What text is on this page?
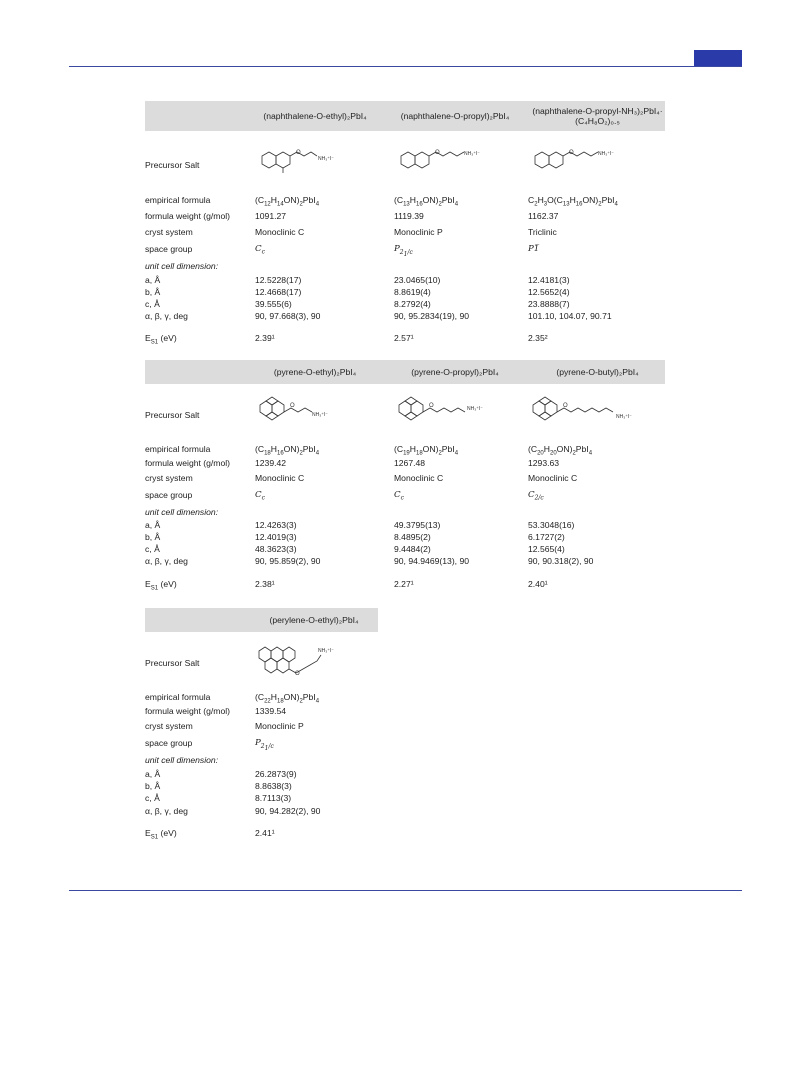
(naphthalene-O-ethyl)₂PbI₄	(naphthalene-O-propyl)₂PbI₄	(naphthalene-O-propyl-NH₃)₂PbI₄· (C₄H₈O₂)₀.₅
Precursor Salt
O
NH₃⁺I⁻
O	NH₃⁺I⁻	O	NH₃⁺I⁻
empirical formula	$(C_{12}H_{14}ON)_2PbI_4$	$(C_{13}H_{16}ON)_2PbI_4$	$C_2H_3O(C_{13}H_{16}ON)_2PbI_4$
formula weight (g/mol)	1091.27	1119.39	1162.37
cryst system	Monoclinic C	Monoclinic P	Triclinic
space group	$C_c$	$P_{2_1/c}$	P1̅
unit cell dimension:
a, Å	12.5228(17)	23.0465(10)	12.4181(3)
b, Å	12.4668(17)	8.8619(4)	12.5652(4)
c, Å	39.555(6)	8.2792(4)	23.8888(7)
α, β, γ, deg	90, 97.668(3), 90	90, 95.2834(19), 90	101.10, 104.07, 90.71
$E_{S1}$ (eV)	2.39¹	2.57¹	2.35²
(pyrene-O-ethyl)₂PbI₄	(pyrene-O-propyl)₂PbI₄	(pyrene-O-butyl)₂PbI₄
Precursor Salt
O
NH₃⁺I⁻
O	NH₃⁺I⁻	O
NH₃⁺I⁻
empirical formula	$(C_{18}H_{16}ON)_2PbI_4$	$(C_{19}H_{18}ON)_2PbI_4$	$(C_{20}H_{20}ON)_2PbI_4$
formula weight (g/mol)	1239.42	1267.48	1293.63
cryst system	Monoclinic C	Monoclinic C	Monoclinic C
space group	$C_c$	$C_c$	$C_{2/c}$
unit cell dimension:
a, Å	12.4263(3)	49.3795(13)	53.3048(16)
b, Å	12.4019(3)	8.4895(2)	6.1727(2)
c, Å	48.3623(3)	9.4484(2)	12.565(4)
α, β, γ, deg	90, 95.859(2), 90	90, 94.9469(13), 90	90, 90.318(2), 90
$E_{S1}$ (eV)	2.38¹	2.27¹	2.40¹
(perylene-O-ethyl)₂PbI₄
Precursor Salt
O
NH₃⁺I⁻
empirical formula	$(C_{22}H_{18}ON)_2PbI_4$
formula weight (g/mol)	1339.54
cryst system	Monoclinic P
space group	$P_{2_1/c}$
unit cell dimension:
a, Å	26.2873(9)
b, Å	8.8638(3)
c, Å	8.7113(3)
α, β, γ, deg	90, 94.282(2), 90
$E_{S1}$ (eV)	2.41¹
